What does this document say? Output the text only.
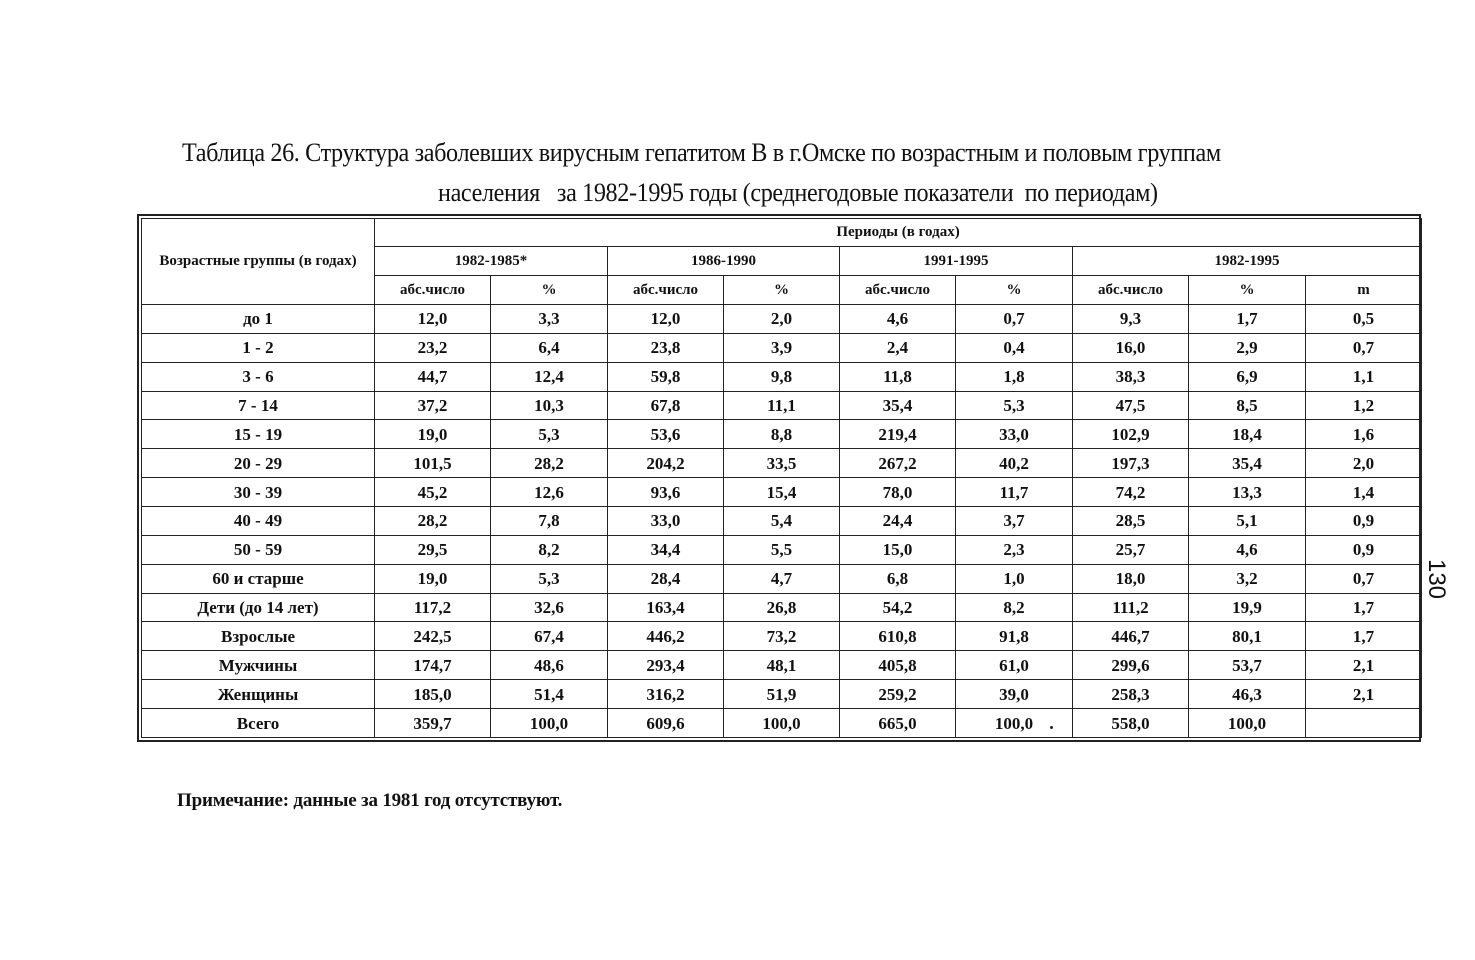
Таблица 26. Структура заболевших вирусным гепатитом В в г.Омске по возрастным и половым группам
населения   за 1982-1995 годы (среднегодовые показатели  по периодам)
Возрастные группы (в годах)	Периоды (в годах)								
	1982-1985*		1986-1990		1991-1995		1982-1995		
	абс.число	%	абс.число	%	абс.число	%	абс.число	%	m
до 1	12,0	3,3	12,0	2,0	4,6	0,7	9,3	1,7	0,5
1 - 2	23,2	6,4	23,8	3,9	2,4	0,4	16,0	2,9	0,7
3 - 6	44,7	12,4	59,8	9,8	11,8	1,8	38,3	6,9	1,1
7 - 14	37,2	10,3	67,8	11,1	35,4	5,3	47,5	8,5	1,2
15 - 19	19,0	5,3	53,6	8,8	219,4	33,0	102,9	18,4	1,6
20 - 29	101,5	28,2	204,2	33,5	267,2	40,2	197,3	35,4	2,0
30 - 39	45,2	12,6	93,6	15,4	78,0	11,7	74,2	13,3	1,4
40 - 49	28,2	7,8	33,0	5,4	24,4	3,7	28,5	5,1	0,9
50 - 59	29,5	8,2	34,4	5,5	15,0	2,3	25,7	4,6	0,9
60 и старше	19,0	5,3	28,4	4,7	6,8	1,0	18,0	3,2	0,7
Дети (до 14 лет)	117,2	32,6	163,4	26,8	54,2	8,2	111,2	19,9	1,7
Взрослые	242,5	67,4	446,2	73,2	610,8	91,8	446,7	80,1	1,7
Мужчины	174,7	48,6	293,4	48,1	405,8	61,0	299,6	53,7	2,1
Женщины	185,0	51,4	316,2	51,9	259,2	39,0	258,3	46,3	2,1
Всего	359,7	100,0	609,6	100,0	665,0	100,0	558,0	100,0	
Примечание: данные за 1981 год отсутствуют.
130
